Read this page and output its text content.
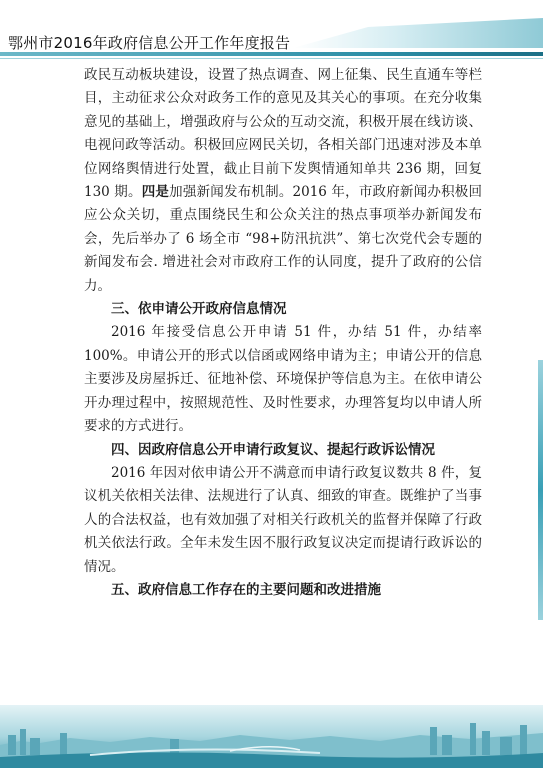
鄂州市2016年政府信息公开工作年度报告

政民互动板块建设，设置了热点调查、网上征集、民生直通车等栏目，主动征求公众对政务工作的意见及其关心的事项。在充分收集意见的基础上，增强政府与公众的互动交流，积极开展在线访谈、电视问政等活动。积极回应网民关切，各相关部门迅速对涉及本单位网络舆情进行处置，截止目前下发舆情通知单共 236 期，回复 130 期。四是加强新闻发布机制。2016 年，市政府新闻办积极回应公众关切，重点围绕民生和公众关注的热点事项举办新闻发布会，先后举办了 6 场全市 “98+防汛抗洪”、第七次党代会专题的新闻发布会. 增进社会对市政府工作的认同度，提升了政府的公信力。

三、依申请公开政府信息情况

2016 年接受信息公开申请 51 件，办结 51 件，办结率 100%。申请公开的形式以信函或网络申请为主；申请公开的信息主要涉及房屋拆迁、征地补偿、环境保护等信息为主。在依申请公开办理过程中，按照规范性、及时性要求，办理答复均以申请人所要求的方式进行。

四、因政府信息公开申请行政复议、提起行政诉讼情况

2016 年因对依申请公开不满意而申请行政复议数共 8 件，复议机关依相关法律、法规进行了认真、细致的审查。既维护了当事人的合法权益，也有效加强了对相关行政机关的监督并保障了行政机关依法行政。全年未发生因不服行政复议决定而提请行政诉讼的情况。

五、政府信息工作存在的主要问题和改进措施
